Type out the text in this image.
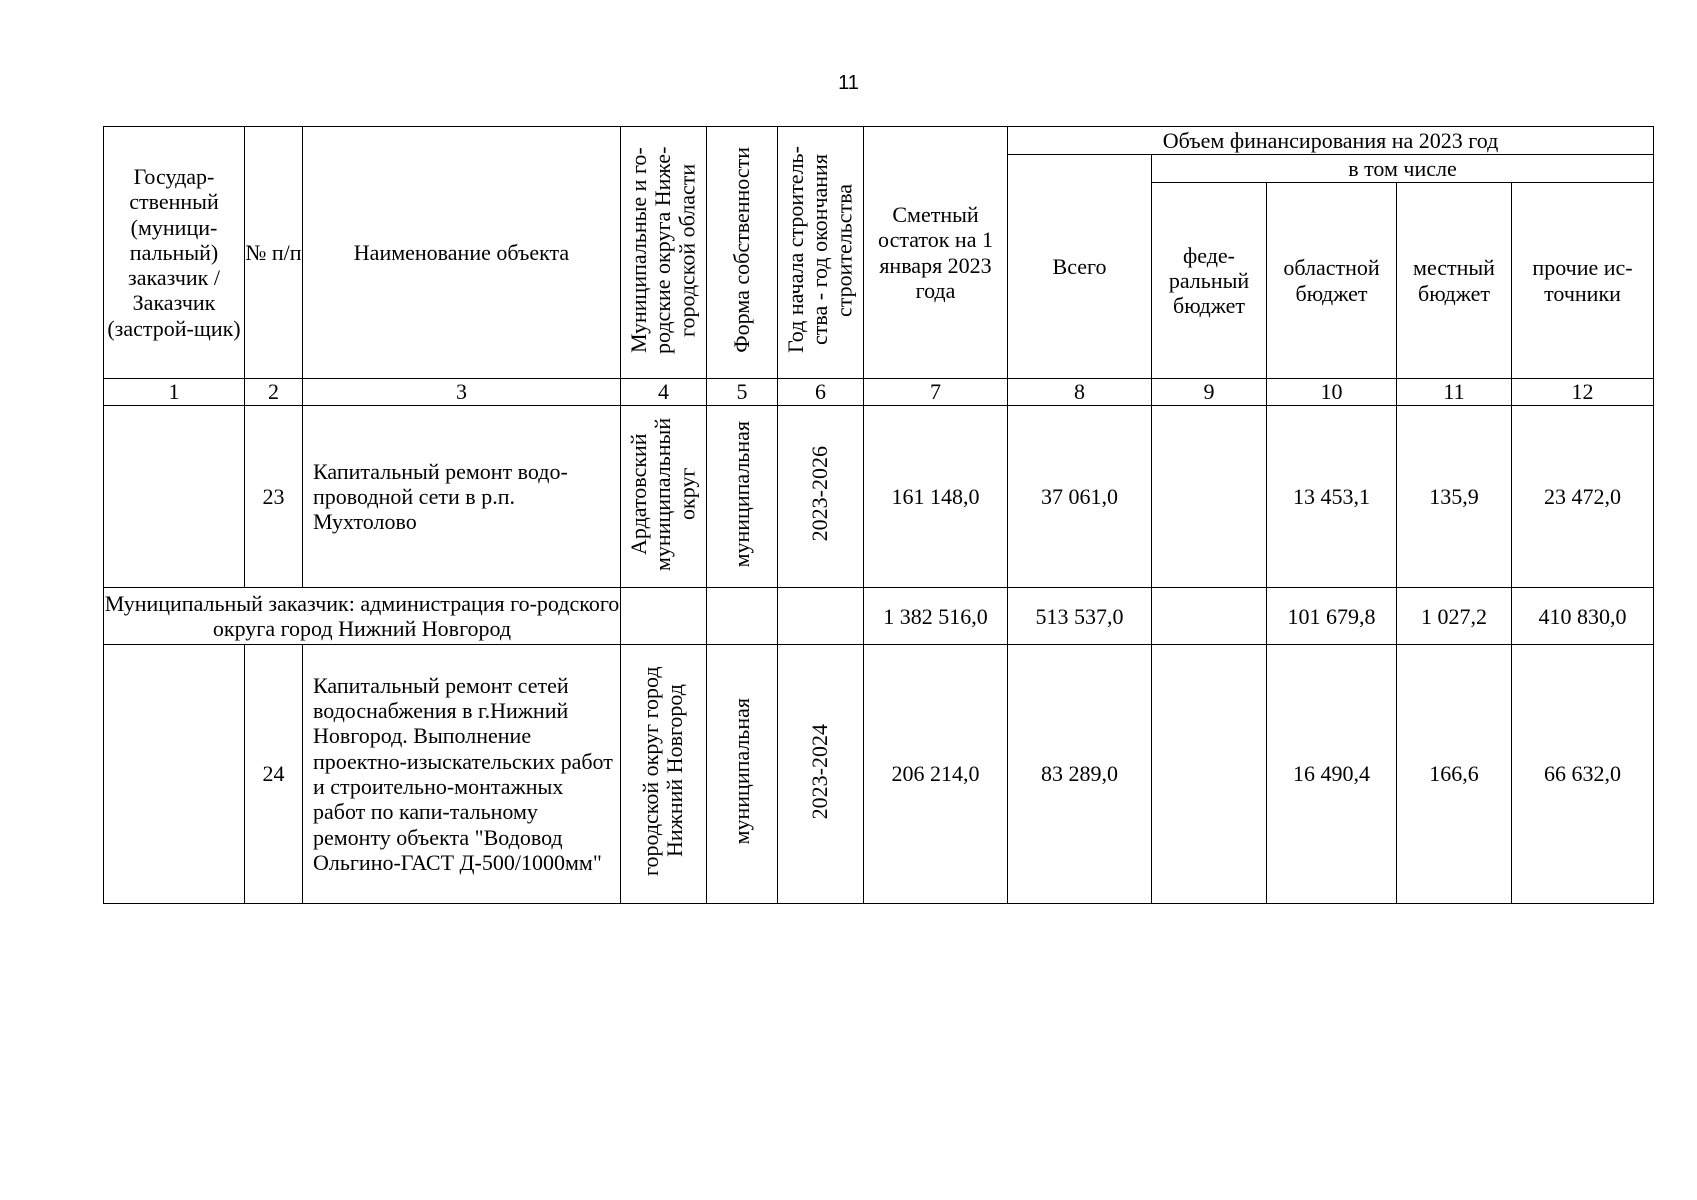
11
Государ-ственный (муници-пальный) заказчик / Заказчик (застрой-щик)	№ п/п	Наименование объекта	Муниципальные и го-родские округа Ниже-городской области	Форма собственности	Год начала строитель-ства - год окончания строительства	Сметный остаток на 1 января 2023 года	Объем финансирования на 2023 год				
							Всего	в том числе			
								феде-ральный бюджет	областной бюджет	местный бюджет	прочие ис-точники
1	2	3	4	5	6	7	8	9	10	11	12
	23	Капитальный ремонт водо-проводной сети в р.п. Мухтолово	Ардатовский муниципальный округ	муниципальная	2023-2026	161 148,0	37 061,0		13 453,1	135,9	23 472,0
Муниципальный заказчик: администрация го-родского округа город Нижний Новгород						1 382 516,0	513 537,0		101 679,8	1 027,2	410 830,0
	24	Капитальный ремонт сетей водоснабжения в г.Нижний Новгород. Выполнение проектно-изыскательских работ и строительно-монтажных работ по капи-тальному ремонту объекта "Водовод Ольгино-ГАСТ Д-500/1000мм"	городской округ город Нижний Новгород	муниципальная	2023-2024	206 214,0	83 289,0		16 490,4	166,6	66 632,0
